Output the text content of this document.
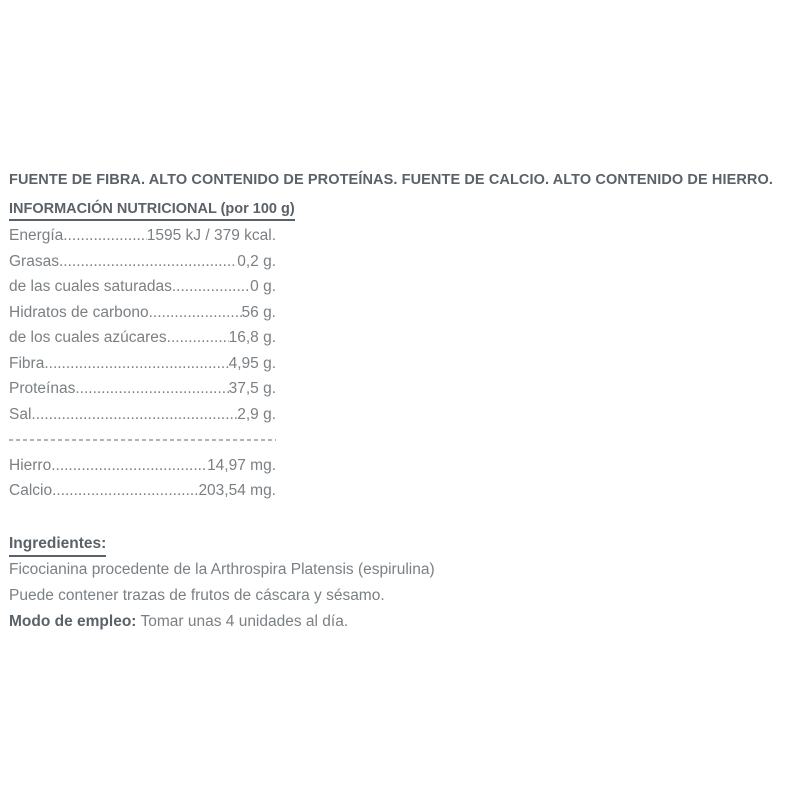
FUENTE DE FIBRA. ALTO CONTENIDO DE PROTEÍNAS. FUENTE DE CALCIO. ALTO CONTENIDO DE HIERRO.
INFORMACIÓN NUTRICIONAL (por 100 g)
Energía .....	1595 kJ / 379 kcal.
Grasas .....	0,2 g.
de las cuales saturadas .....	0 g.
Hidratos de carbono .....	56 g.
de los cuales azúcares .....	16,8 g.
Fibra .....	4,95 g.
Proteínas .....	37,5 g.
Sal .....	2,9 g.
Hierro .....	14,97 mg.
Calcio .....	203,54 mg.
Ingredientes:

Ficocianina procedente de la Arthrospira Platensis (espirulina)

Puede contener trazas de frutos de cáscara y sésamo.

Modo de empleo: Tomar unas 4 unidades al día.
